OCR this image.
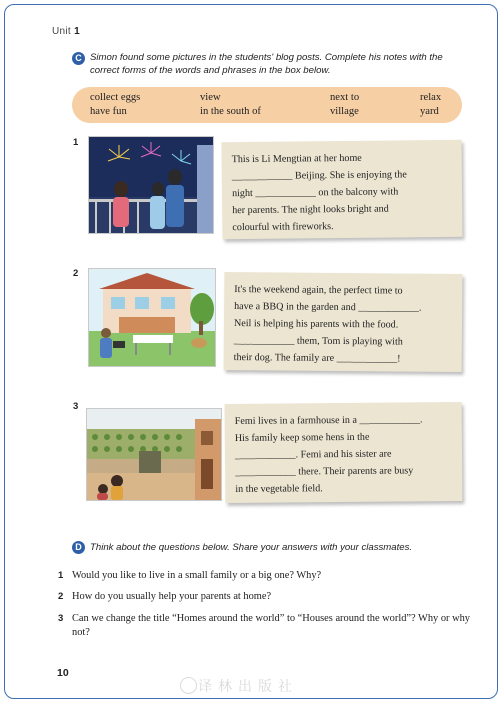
Unit 1
C Simon found some pictures in the students' blog posts. Complete his notes with the
correct forms of the words and phrases in the box below.
collect eggs
have fun
view
in the south of
next to
village
relax
yard
1
This is Li Mengtian at her home
____________ Beijing. She is enjoying the
night ____________ on the balcony with
her parents. The night looks bright and
colourful with fireworks.
2
It's the weekend again, the perfect time to
have a BBQ in the garden and ____________.
Neil is helping his parents with the food.
____________ them, Tom is playing with
their dog. The family are ____________!
3
Femi lives in a farmhouse in a ____________.
His family keep some hens in the
____________. Femi and his sister are
____________ there. Their parents are busy
in the vegetable field.
D Think about the questions below. Share your answers with your classmates.
1 Would you like to live in a small family or a big one? Why?
2 How do you usually help your parents at home?
3 Can we change the title “Homes around the world” to “Houses around the world”? Why or why not?
10
译林出版社
